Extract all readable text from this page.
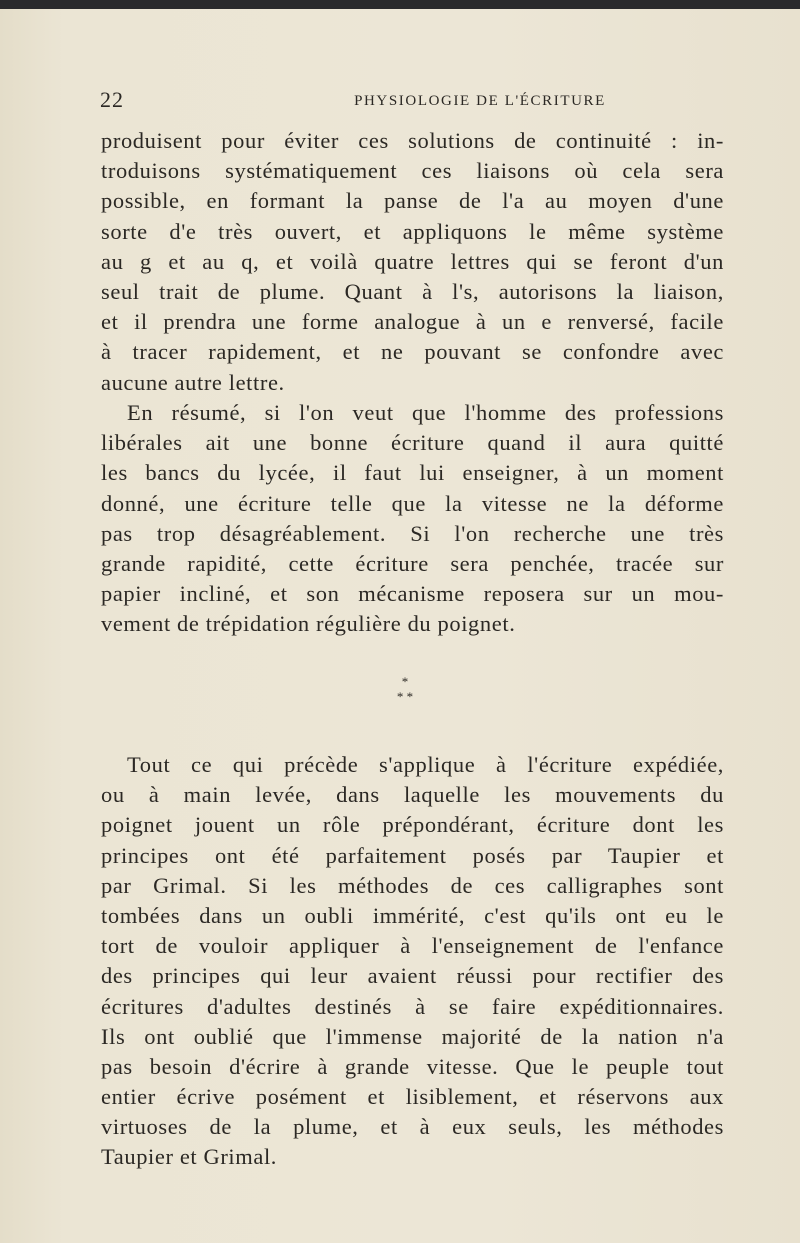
22	PHYSIOLOGIE DE L'ÉCRITURE
produisent pour éviter ces solutions de continuité : in-
troduisons systématiquement ces liaisons où cela sera
possible, en formant la panse de l'a au moyen d'une
sorte d'e très ouvert, et appliquons le même système
au g et au q, et voilà quatre lettres qui se feront d'un
seul trait de plume. Quant à l's, autorisons la liaison,
et il prendra une forme analogue à un e renversé, facile
à tracer rapidement, et ne pouvant se confondre avec
aucune autre lettre.
En résumé, si l'on veut que l'homme des professions
libérales ait une bonne écriture quand il aura quitté
les bancs du lycée, il faut lui enseigner, à un moment
donné, une écriture telle que la vitesse ne la déforme
pas trop désagréablement. Si l'on recherche une très
grande rapidité, cette écriture sera penchée, tracée sur
papier incliné, et son mécanisme reposera sur un mou-
vement de trépidation régulière du poignet.
*
* *
Tout ce qui précède s'applique à l'écriture expédiée,
ou à main levée, dans laquelle les mouvements du
poignet jouent un rôle prépondérant, écriture dont les
principes ont été parfaitement posés par Taupier et
par Grimal. Si les méthodes de ces calligraphes sont
tombées dans un oubli immérité, c'est qu'ils ont eu le
tort de vouloir appliquer à l'enseignement de l'enfance
des principes qui leur avaient réussi pour rectifier des
écritures d'adultes destinés à se faire expéditionnaires.
Ils ont oublié que l'immense majorité de la nation n'a
pas besoin d'écrire à grande vitesse. Que le peuple tout
entier écrive posément et lisiblement, et réservons aux
virtuoses de la plume, et à eux seuls, les méthodes
Taupier et Grimal.
